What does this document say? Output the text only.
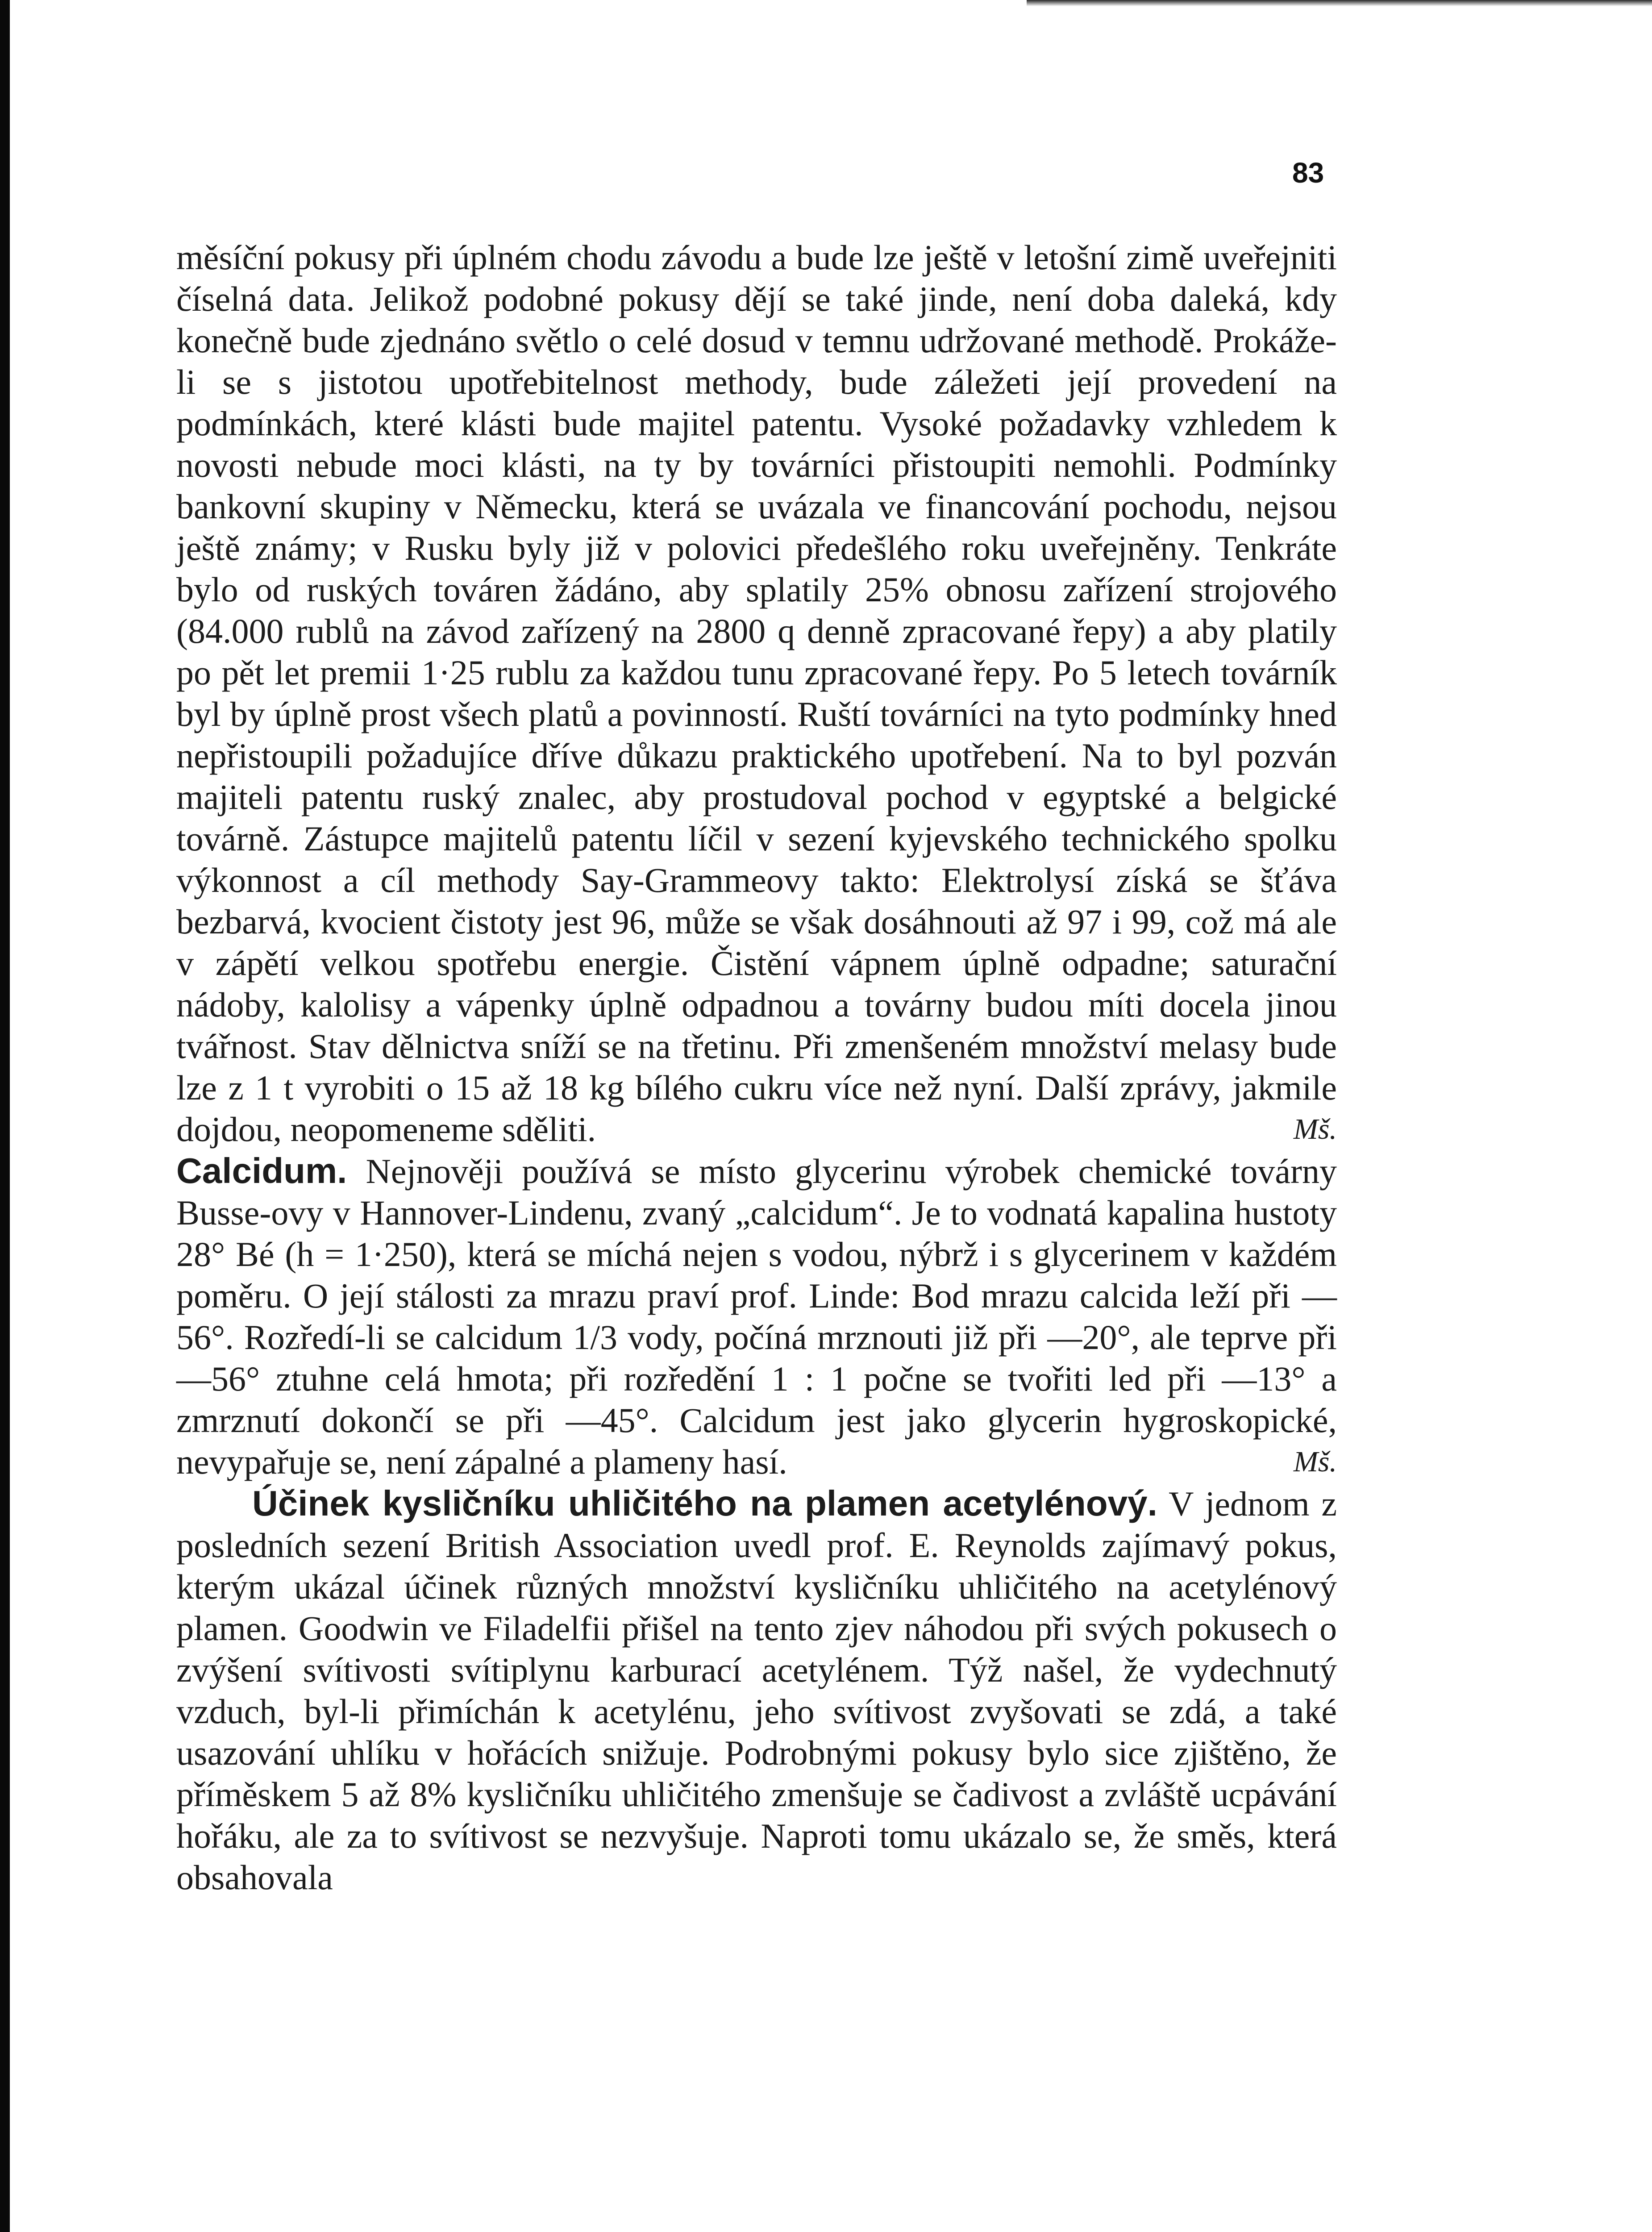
83

měsíční pokusy při úplném chodu závodu a bude lze ještě v letošní zimě uveřejniti číselná data. Jelikož podobné pokusy dějí se také jinde, není doba daleká, kdy konečně bude zjednáno světlo o celé dosud v temnu udržované methodě. Prokáže-li se s jistotou upotřebitelnost methody, bude záležeti její provedení na podmínkách, které klásti bude majitel patentu. Vysoké požadavky vzhledem k novosti nebude moci klásti, na ty by továrníci přistoupiti nemohli. Podmínky bankovní skupiny v Německu, která se uvázala ve financování pochodu, nejsou ještě známy; v Rusku byly již v polovici předešlého roku uveřejněny. Tenkráte bylo od ruských továren žádáno, aby splatily 25% obnosu zařízení strojového (84.000 rublů na závod zařízený na 2800 q denně zpracované řepy) a aby platily po pět let premii 1·25 rublu za každou tunu zpracované řepy. Po 5 letech továrník byl by úplně prost všech platů a povinností. Ruští továrníci na tyto podmínky hned nepřistoupili požadujíce dříve důkazu praktického upotřebení. Na to byl pozván majiteli patentu ruský znalec, aby prostudoval pochod v egyptské a belgické továrně. Zástupce majitelů patentu líčil v sezení kyjevského technického spolku výkonnost a cíl methody Say-Grammeovy takto: Elektrolysí získá se šťáva bezbarvá, kvocient čistoty jest 96, může se však dosáhnouti až 97 i 99, což má ale v zápětí velkou spotřebu energie. Čistění vápnem úplně odpadne; saturační nádoby, kalolisy a vápenky úplně odpadnou a továrny budou míti docela jinou tvářnost. Stav dělnictva sníží se na třetinu. Při zmenšeném množství melasy bude lze z 1 t vyrobiti o 15 až 18 kg bílého cukru více než nyní. Další zprávy, jakmile dojdou, neopomeneme sděliti.	Mš.

Calcidum. Nejnověji používá se místo glycerinu výrobek chemické továrny Busse-ovy v Hannover-Lindenu, zvaný „calcidum“. Je to vodnatá kapalina hustoty 28° Bé (h = 1·250), která se míchá nejen s vodou, nýbrž i s glycerinem v každém poměru. O její stálosti za mrazu praví prof. Linde: Bod mrazu calcida leží při —56°. Rozředí-li se calcidum 1/3 vody, počíná mrznouti již při —20°, ale teprve při —56° ztuhne celá hmota; při rozředění 1 : 1 počne se tvořiti led při —13° a zmrznutí dokončí se při —45°. Calcidum jest jako glycerin hygroskopické, nevypařuje se, není zápalné a plameny hasí.	Mš.

Účinek kysličníku uhličitého na plamen acetylénový. V jednom z posledních sezení British Association uvedl prof. E. Reynolds zajímavý pokus, kterým ukázal účinek různých množství kysličníku uhličitého na acetylénový plamen. Goodwin ve Filadelfii přišel na tento zjev náhodou při svých pokusech o zvýšení svítivosti svítiplynu karburací acetylénem. Týž našel, že vydechnutý vzduch, byl-li přimíchán k acetylénu, jeho svítivost zvyšovati se zdá, a také usazování uhlíku v hořácích snižuje. Podrobnými pokusy bylo sice zjištěno, že příměskem 5 až 8% kysličníku uhličitého zmenšuje se čadivost a zvláště ucpávání hořáku, ale za to svítivost se nezvyšuje. Naproti tomu ukázalo se, že směs, která obsahovala
